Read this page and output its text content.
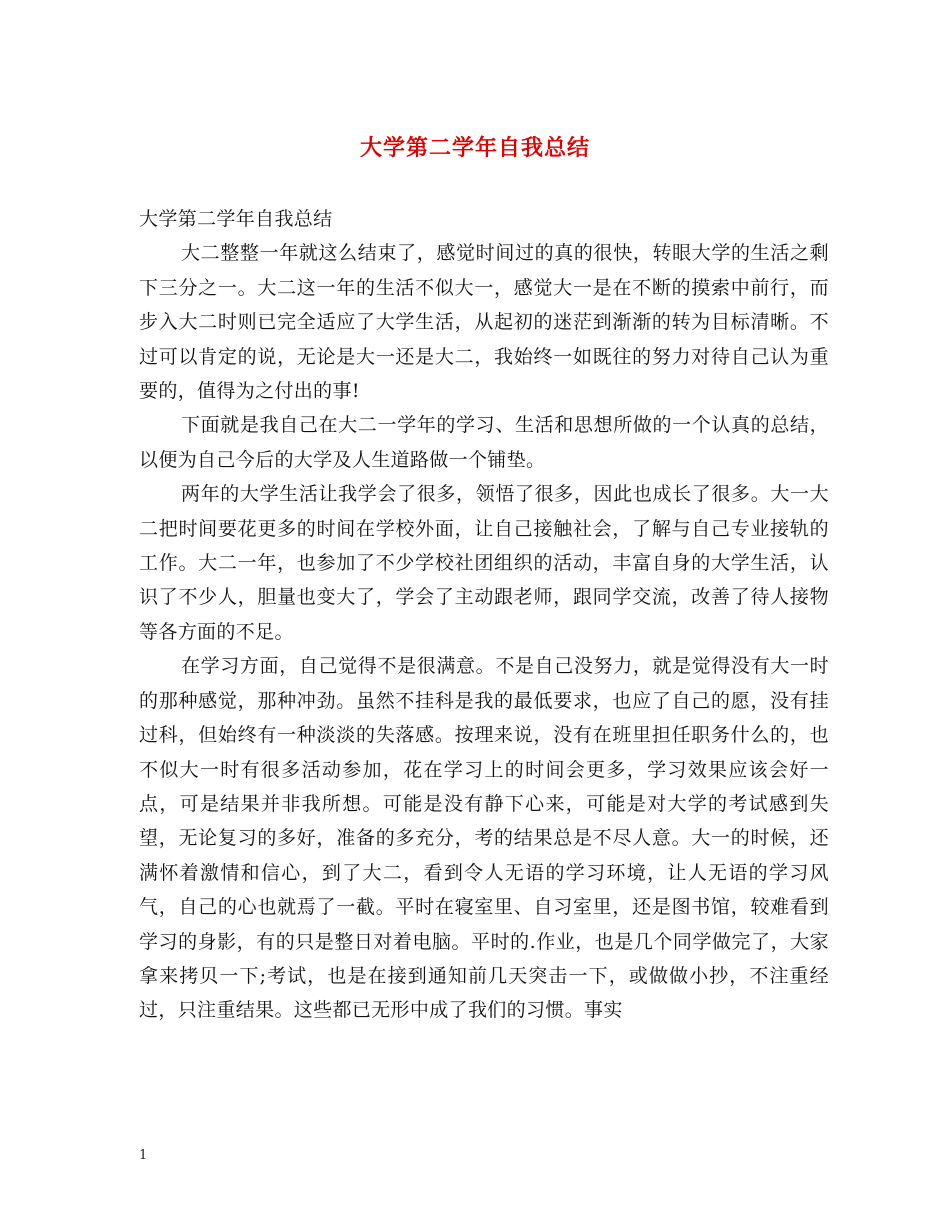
大学第二学年自我总结

大学第二学年自我总结

大二整整一年就这么结束了，感觉时间过的真的很快，转眼大学的生活之剩下三分之一。大二这一年的生活不似大一，感觉大一是在不断的摸索中前行，而步入大二时则已完全适应了大学生活，从起初的迷茫到渐渐的转为目标清晰。不过可以肯定的说，无论是大一还是大二，我始终一如既往的努力对待自己认为重要的，值得为之付出的事!

下面就是我自己在大二一学年的学习、生活和思想所做的一个认真的总结，以便为自己今后的大学及人生道路做一个铺垫。

两年的大学生活让我学会了很多，领悟了很多，因此也成长了很多。大一大二把时间要花更多的时间在学校外面，让自己接触社会，了解与自己专业接轨的工作。大二一年，也参加了不少学校社团组织的活动，丰富自身的大学生活，认识了不少人，胆量也变大了，学会了主动跟老师，跟同学交流，改善了待人接物等各方面的不足。

在学习方面，自己觉得不是很满意。不是自己没努力，就是觉得没有大一时的那种感觉，那种冲劲。虽然不挂科是我的最低要求，也应了自己的愿，没有挂过科，但始终有一种淡淡的失落感。按理来说，没有在班里担任职务什么的，也不似大一时有很多活动参加，花在学习上的时间会更多，学习效果应该会好一点，可是结果并非我所想。可能是没有静下心来，可能是对大学的考试感到失望，无论复习的多好，准备的多充分，考的结果总是不尽人意。大一的时候，还满怀着激情和信心，到了大二，看到令人无语的学习环境，让人无语的学习风气，自己的心也就焉了一截。平时在寝室里、自习室里，还是图书馆，较难看到学习的身影，有的只是整日对着电脑。平时的.作业，也是几个同学做完了，大家拿来拷贝一下;考试，也是在接到通知前几天突击一下，或做做小抄，不注重经过，只注重结果。这些都已无形中成了我们的习惯。事实

1
